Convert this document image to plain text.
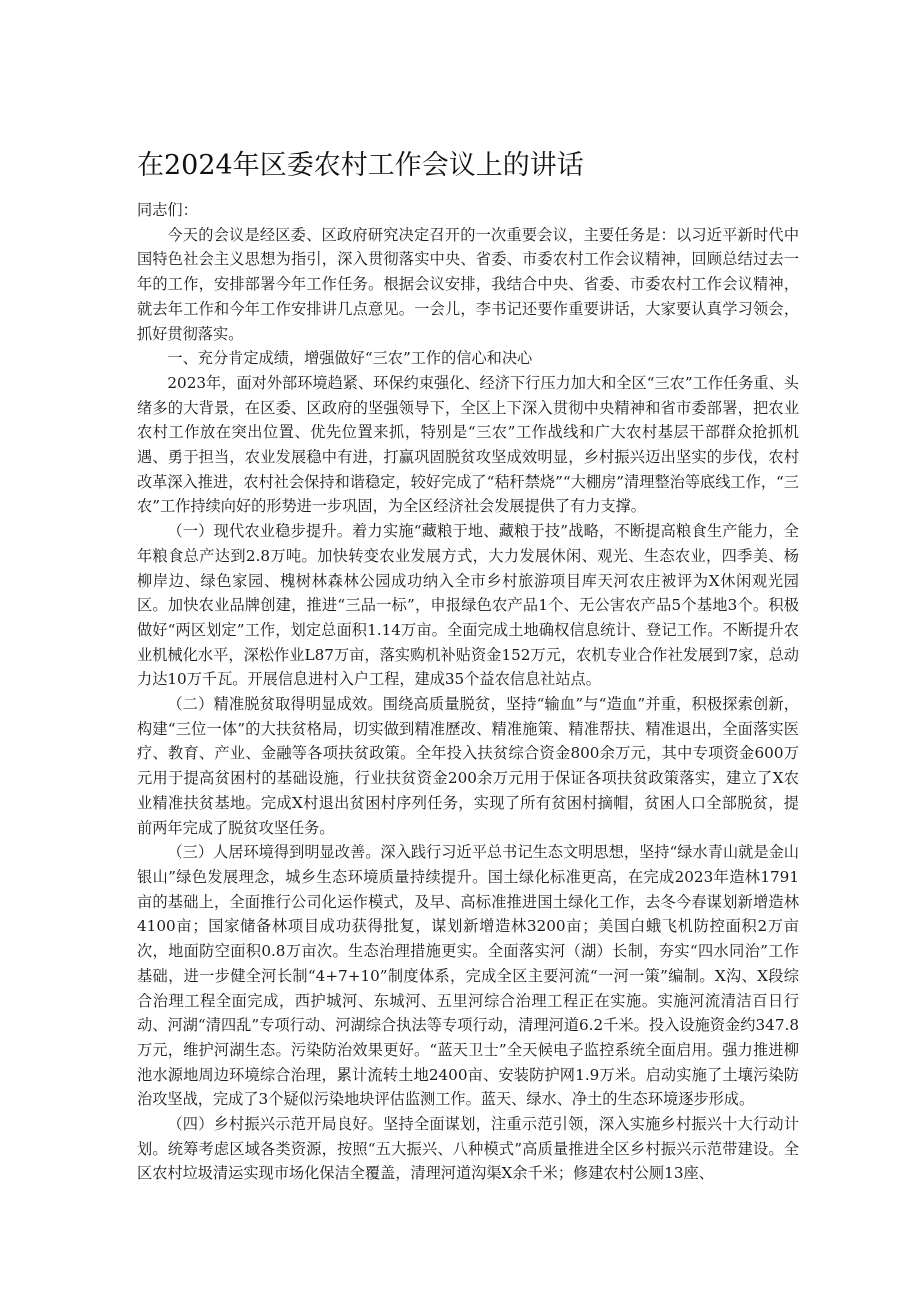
在2024年区委农村工作会议上的讲话

同志们：

今天的会议是经区委、区政府研究决定召开的一次重要会议，主要任务是：以习近平新时代中国特色社会主义思想为指引，深入贯彻落实中央、省委、市委农村工作会议精神，回顾总结过去一年的工作，安排部署今年工作任务。根据会议安排，我结合中央、省委、市委农村工作会议精神，就去年工作和今年工作安排讲几点意见。一会儿，李书记还要作重要讲话，大家要认真学习领会，抓好贯彻落实。

一、充分肯定成绩，增强做好“三农”工作的信心和决心

2023年，面对外部环境趋紧、环保约束强化、经济下行压力加大和全区“三农”工作任务重、头绪多的大背景，在区委、区政府的坚强领导下，全区上下深入贯彻中央精神和省市委部署，把农业农村工作放在突出位置、优先位置来抓，特别是“三农”工作战线和广大农村基层干部群众抢抓机遇、勇于担当，农业发展稳中有进，打赢巩固脱贫攻坚成效明显，乡村振兴迈出坚实的步伐，农村改革深入推进，农村社会保持和谐稳定，较好完成了“秸秆禁烧”“大棚房”清理整治等底线工作，“三农”工作持续向好的形势进一步巩固，为全区经济社会发展提供了有力支撑。

（一）现代农业稳步提升。着力实施“藏粮于地、藏粮于技”战略，不断提高粮食生产能力，全年粮食总产达到2.8万吨。加快转变农业发展方式，大力发展休闲、观光、生态农业，四季美、杨柳岸边、绿色家园、槐树林森林公园成功纳入全市乡村旅游项目库天河农庄被评为X休闲观光园区。加快农业品牌创建，推进“三品一标”，申报绿色农产品1个、无公害农产品5个基地3个。积极做好“两区划定”工作，划定总面积1.14万亩。全面完成土地确权信息统计、登记工作。不断提升农业机械化水平，深松作业L87万亩，落实购机补贴资金152万元，农机专业合作社发展到7家，总动力达10万千瓦。开展信息进村入户工程，建成35个益农信息社站点。

（二）精准脱贫取得明显成效。围绕高质量脱贫，坚持“输血”与“造血”并重，积极探索创新，构建“三位一体”的大扶贫格局，切实做到精准歷改、精准施策、精准帮扶、精准退出，全面落实医疗、教育、产业、金融等各项扶贫政策。全年投入扶贫综合资金800余万元，其中专项资金600万元用于提高贫困村的基础设施，行业扶贫资金200余万元用于保证各项扶贫政策落实，建立了X农业精准扶贫基地。完成X村退出贫困村序列任务，实现了所有贫困村摘帽，贫困人口全部脱贫，提前两年完成了脱贫攻坚任务。

（三）人居环境得到明显改善。深入践行习近平总书记生态文明思想，坚持“绿水青山就是金山银山”绿色发展理念，城乡生态环境质量持续提升。国土绿化标准更高，在完成2023年造林1791亩的基础上，全面推行公司化运作模式，及早、高标准推进国土绿化工作，去冬今春谋划新增造林4100亩；国家储备林项目成功获得批复，谋划新增造林3200亩；美国白蛾飞机防控面积2万亩次，地面防空面积0.8万亩次。生态治理措施更实。全面落实河（湖）长制，夯实“四水同治”工作基础，进一步健全河长制“4+7+10”制度体系，完成全区主要河流“一河一策”编制。X沟、X段综合治理工程全面完成，西护城河、东城河、五里河综合治理工程正在实施。实施河流清洁百日行动、河湖“清四乱”专项行动、河湖综合执法等专项行动，清理河道6.2千米。投入设施资金约347.8万元，维护河湖生态。污染防治效果更好。“蓝天卫士”全天候电子监控系统全面启用。强力推进柳池水源地周边环境综合治理，累计流转土地2400亩、安装防护网1.9万米。启动实施了土壤污染防治攻坚战，完成了3个疑似污染地块评估监测工作。蓝天、绿水、净土的生态环境逐步形成。

（四）乡村振兴示范开局良好。坚持全面谋划，注重示范引领，深入实施乡村振兴十大行动计划。统筹考虑区域各类资源，按照“五大振兴、八种模式”高质量推进全区乡村振兴示范带建设。全区农村垃圾清运实现市场化保洁全覆盖，清理河道沟渠X余千米；修建农村公厕13座、
